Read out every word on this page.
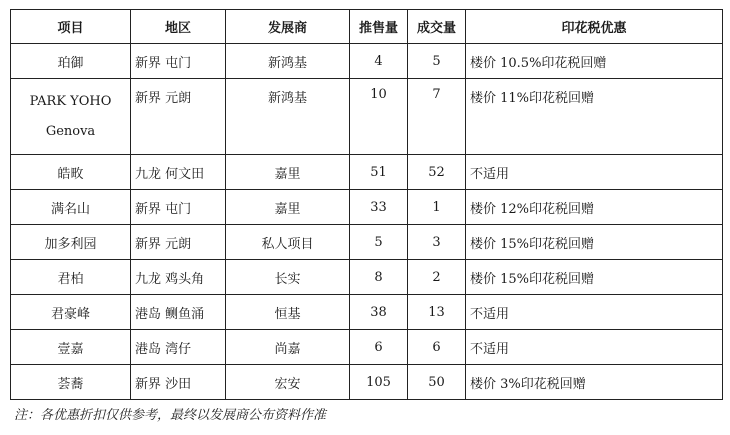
项目	地区	发展商	推售量	成交量	印花税优惠
珀御	新界 屯门	新鸿基	4	5	楼价 10.5%印花税回赠
PARK YOHO Genova	新界 元朗	新鸿基	10	7	楼价 11%印花税回赠
皓畋	九龙 何文田	嘉里	51	52	不适用
满名山	新界 屯门	嘉里	33	1	楼价 12%印花税回赠
加多利园	新界 元朗	私人项目	5	3	楼价 15%印花税回赠
君柏	九龙 鸡头角	长实	8	2	楼价 15%印花税回赠
君豪峰	港岛 鲗鱼涌	恒基	38	13	不适用
壹嘉	港岛 湾仔	尚嘉	6	6	不适用
荟蕎	新界 沙田	宏安	105	50	楼价 3%印花税回赠
注：各优惠折扣仅供参考，最终以发展商公布资料作准
